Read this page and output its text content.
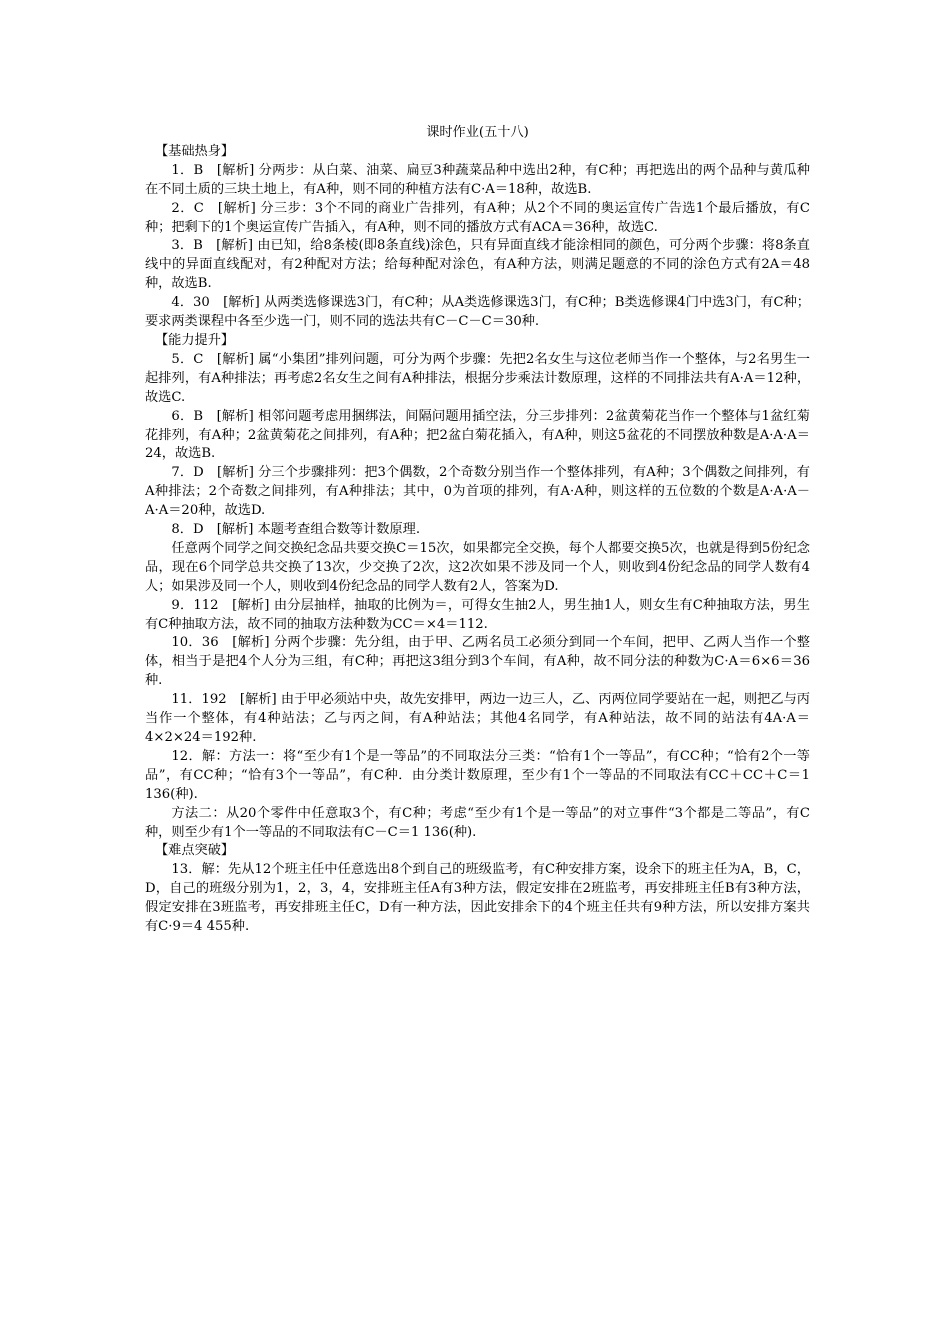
课时作业(五十八)
【基础热身】

1．B　[解析] 分两步：从白菜、油菜、扁豆3种蔬菜品种中选出2种，有C种；再把选出的两个品种与黄瓜种在不同土质的三块土地上，有A种，则不同的种植方法有C·A＝18种，故选B.

2．C　[解析] 分三步：3个不同的商业广告排列，有A种；从2个不同的奥运宣传广告选1个最后播放，有C种；把剩下的1个奥运宣传广告插入，有A种，则不同的播放方式有ACA＝36种，故选C.

3．B　[解析] 由已知，给8条棱(即8条直线)涂色，只有异面直线才能涂相同的颜色，可分两个步骤：将8条直线中的异面直线配对，有2种配对方法；给每种配对涂色，有A种方法，则满足题意的不同的涂色方式有2A＝48种，故选B.

4．30　[解析] 从两类选修课选3门，有C种；从A类选修课选3门，有C种；B类选修课4门中选3门，有C种；要求两类课程中各至少选一门，则不同的选法共有C－C－C＝30种.

【能力提升】

5．C　[解析] 属“小集团”排列问题，可分为两个步骤：先把2名女生与这位老师当作一个整体，与2名男生一起排列，有A种排法；再考虑2名女生之间有A种排法，根据分步乘法计数原理，这样的不同排法共有A·A＝12种，故选C.

6．B　[解析] 相邻问题考虑用捆绑法，间隔问题用插空法，分三步排列：2盆黄菊花当作一个整体与1盆红菊花排列，有A种；2盆黄菊花之间排列，有A种；把2盆白菊花插入，有A种，则这5盆花的不同摆放种数是A·A·A＝24，故选B.

7．D　[解析] 分三个步骤排列：把3个偶数，2个奇数分别当作一个整体排列，有A种；3个偶数之间排列，有A种排法；2个奇数之间排列，有A种排法；其中，0为首项的排列，有A·A种，则这样的五位数的个数是A·A·A－A·A＝20种，故选D.

8．D　[解析] 本题考查组合数等计数原理.

任意两个同学之间交换纪念品共要交换C＝15次，如果都完全交换，每个人都要交换5次，也就是得到5份纪念品，现在6个同学总共交换了13次，少交换了2次，这2次如果不涉及同一个人，则收到4份纪念品的同学人数有4人；如果涉及同一个人，则收到4份纪念品的同学人数有2人，答案为D.

9．112　[解析] 由分层抽样，抽取的比例为＝，可得女生抽2人，男生抽1人，则女生有C种抽取方法，男生有C种抽取方法，故不同的抽取方法种数为CC＝×4＝112.

10．36　[解析] 分两个步骤：先分组，由于甲、乙两名员工必须分到同一个车间，把甲、乙两人当作一个整体，相当于是把4个人分为三组，有C种；再把这3组分到3个车间，有A种，故不同分法的种数为C·A＝6×6＝36种.

11．192　[解析] 由于甲必须站中央，故先安排甲，两边一边三人，乙、丙两位同学要站在一起，则把乙与丙当作一个整体，有4种站法；乙与丙之间，有A种站法；其他4名同学，有A种站法，故不同的站法有4A·A＝4×2×24＝192种.

12．解：方法一：将“至少有1个是一等品”的不同取法分三类：“恰有1个一等品”，有CC种；“恰有2个一等品”，有CC种；“恰有3个一等品”，有C种．由分类计数原理，至少有1个一等品的不同取法有CC＋CC＋C＝1 136(种).

方法二：从20个零件中任意取3个，有C种；考虑“至少有1个是一等品”的对立事件“3个都是二等品”，有C种，则至少有1个一等品的不同取法有C－C＝1 136(种).

【难点突破】

13．解：先从12个班主任中任意选出8个到自己的班级监考，有C种安排方案，设余下的班主任为A，B，C，D，自己的班级分别为1，2，3，4，安排班主任A有3种方法，假定安排在2班监考，再安排班主任B有3种方法，假定安排在3班监考，再安排班主任C，D有一种方法，因此安排余下的4个班主任共有9种方法，所以安排方案共有C·9＝4 455种.
